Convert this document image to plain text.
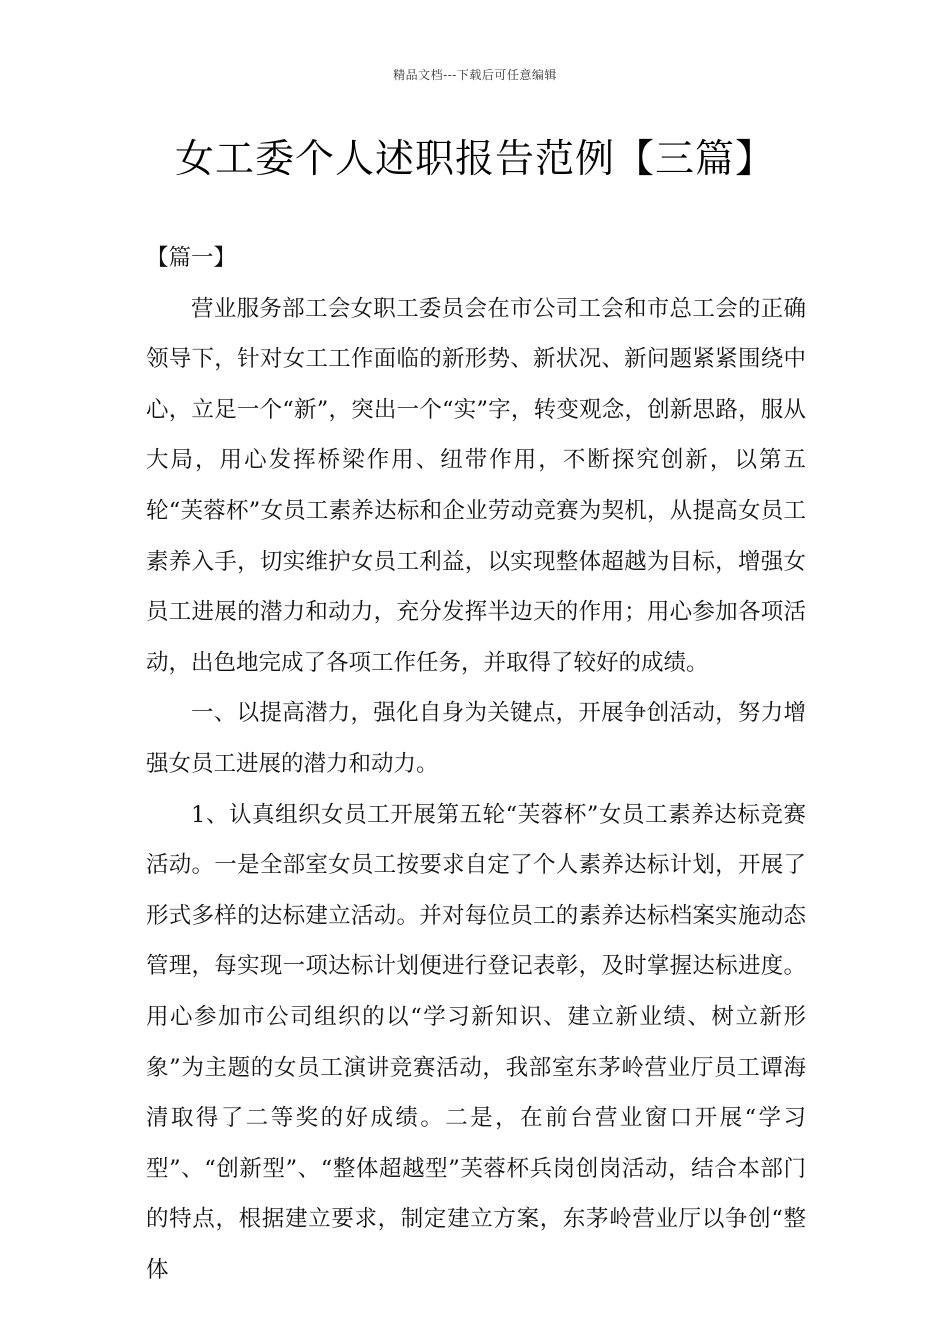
精品文档---下载后可任意编辑
女工委个人述职报告范例【三篇】

【篇一】

营业服务部工会女职工委员会在市公司工会和市总工会的正确领导下，针对女工工作面临的新形势、新状况、新问题紧紧围绕中心，立足一个“新”，突出一个“实”字，转变观念，创新思路，服从大局，用心发挥桥梁作用、纽带作用，不断探究创新，以第五轮“芙蓉杯”女员工素养达标和企业劳动竞赛为契机，从提高女员工素养入手，切实维护女员工利益，以实现整体超越为目标，增强女员工进展的潜力和动力，充分发挥半边天的作用；用心参加各项活动，出色地完成了各项工作任务，并取得了较好的成绩。

一、以提高潜力，强化自身为关键点，开展争创活动，努力增强女员工进展的潜力和动力。

1、认真组织女员工开展第五轮“芙蓉杯”女员工素养达标竞赛活动。一是全部室女员工按要求自定了个人素养达标计划，开展了形式多样的达标建立活动。并对每位员工的素养达标档案实施动态管理，每实现一项达标计划便进行登记表彰，及时掌握达标进度。用心参加市公司组织的以“学习新知识、建立新业绩、树立新形象”为主题的女员工演讲竞赛活动，我部室东茅岭营业厅员工谭海清取得了二等奖的好成绩。二是，在前台营业窗口开展“学习型”、“创新型”、“整体超越型”芙蓉杯兵岗创岗活动，结合本部门的特点，根据建立要求，制定建立方案，东茅岭营业厅以争创“整体
